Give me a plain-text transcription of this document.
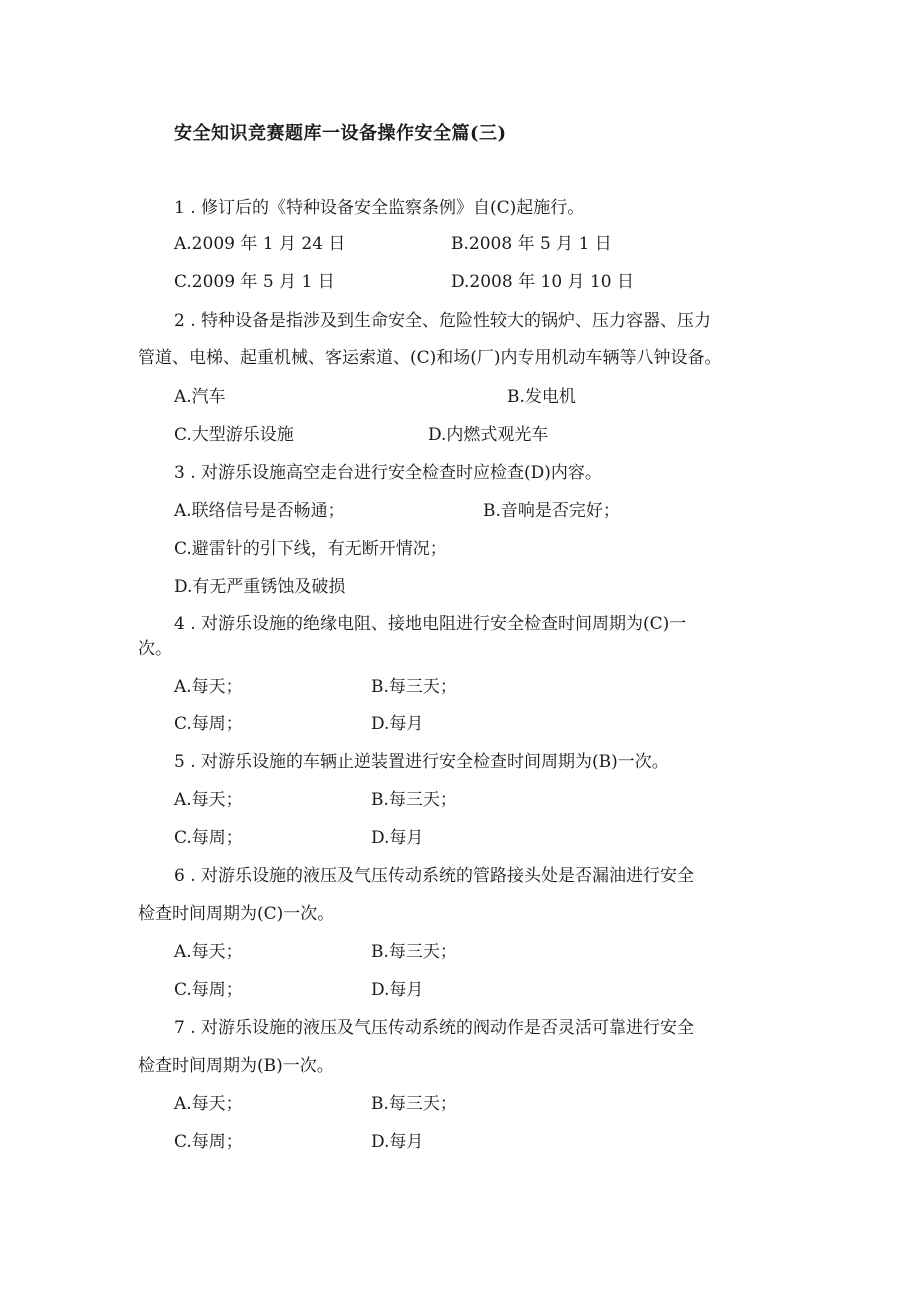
安全知识竞赛题库一设备操作安全篇(三)
1 . 修订后的《特种设备安全监察条例》自(C)起施行。
A.2009 年 1 月 24 日	B.2008 年 5 月 1 日
C.2009 年 5 月 1 日	D.2008 年 10 月 10 日
2 . 特种设备是指涉及到生命安全、危险性较大的锅炉、压力容器、压力
管道、电梯、起重机械、客运索道、(C)和场(厂)内专用机动车辆等八钟设备。
A.汽车	B.发电机
C.大型游乐设施	D.内燃式观光车
3 . 对游乐设施高空走台进行安全检查时应检查(D)内容。
A.联络信号是否畅通；	B.音响是否完好；
C.避雷针的引下线，有无断开情况；
D.有无严重锈蚀及破损
4 . 对游乐设施的绝缘电阻、接地电阻进行安全检查时间周期为(C)一
次。
A.每天；	B.每三天；
C.每周；	D.每月
5 . 对游乐设施的车辆止逆装置进行安全检查时间周期为(B)一次。
A.每天；	B.每三天；
C.每周；	D.每月
6 . 对游乐设施的液压及气压传动系统的管路接头处是否漏油进行安全
检查时间周期为(C)一次。
A.每天；	B.每三天；
C.每周；	D.每月
7 . 对游乐设施的液压及气压传动系统的阀动作是否灵活可靠进行安全
检查时间周期为(B)一次。
A.每天；	B.每三天；
C.每周；	D.每月
